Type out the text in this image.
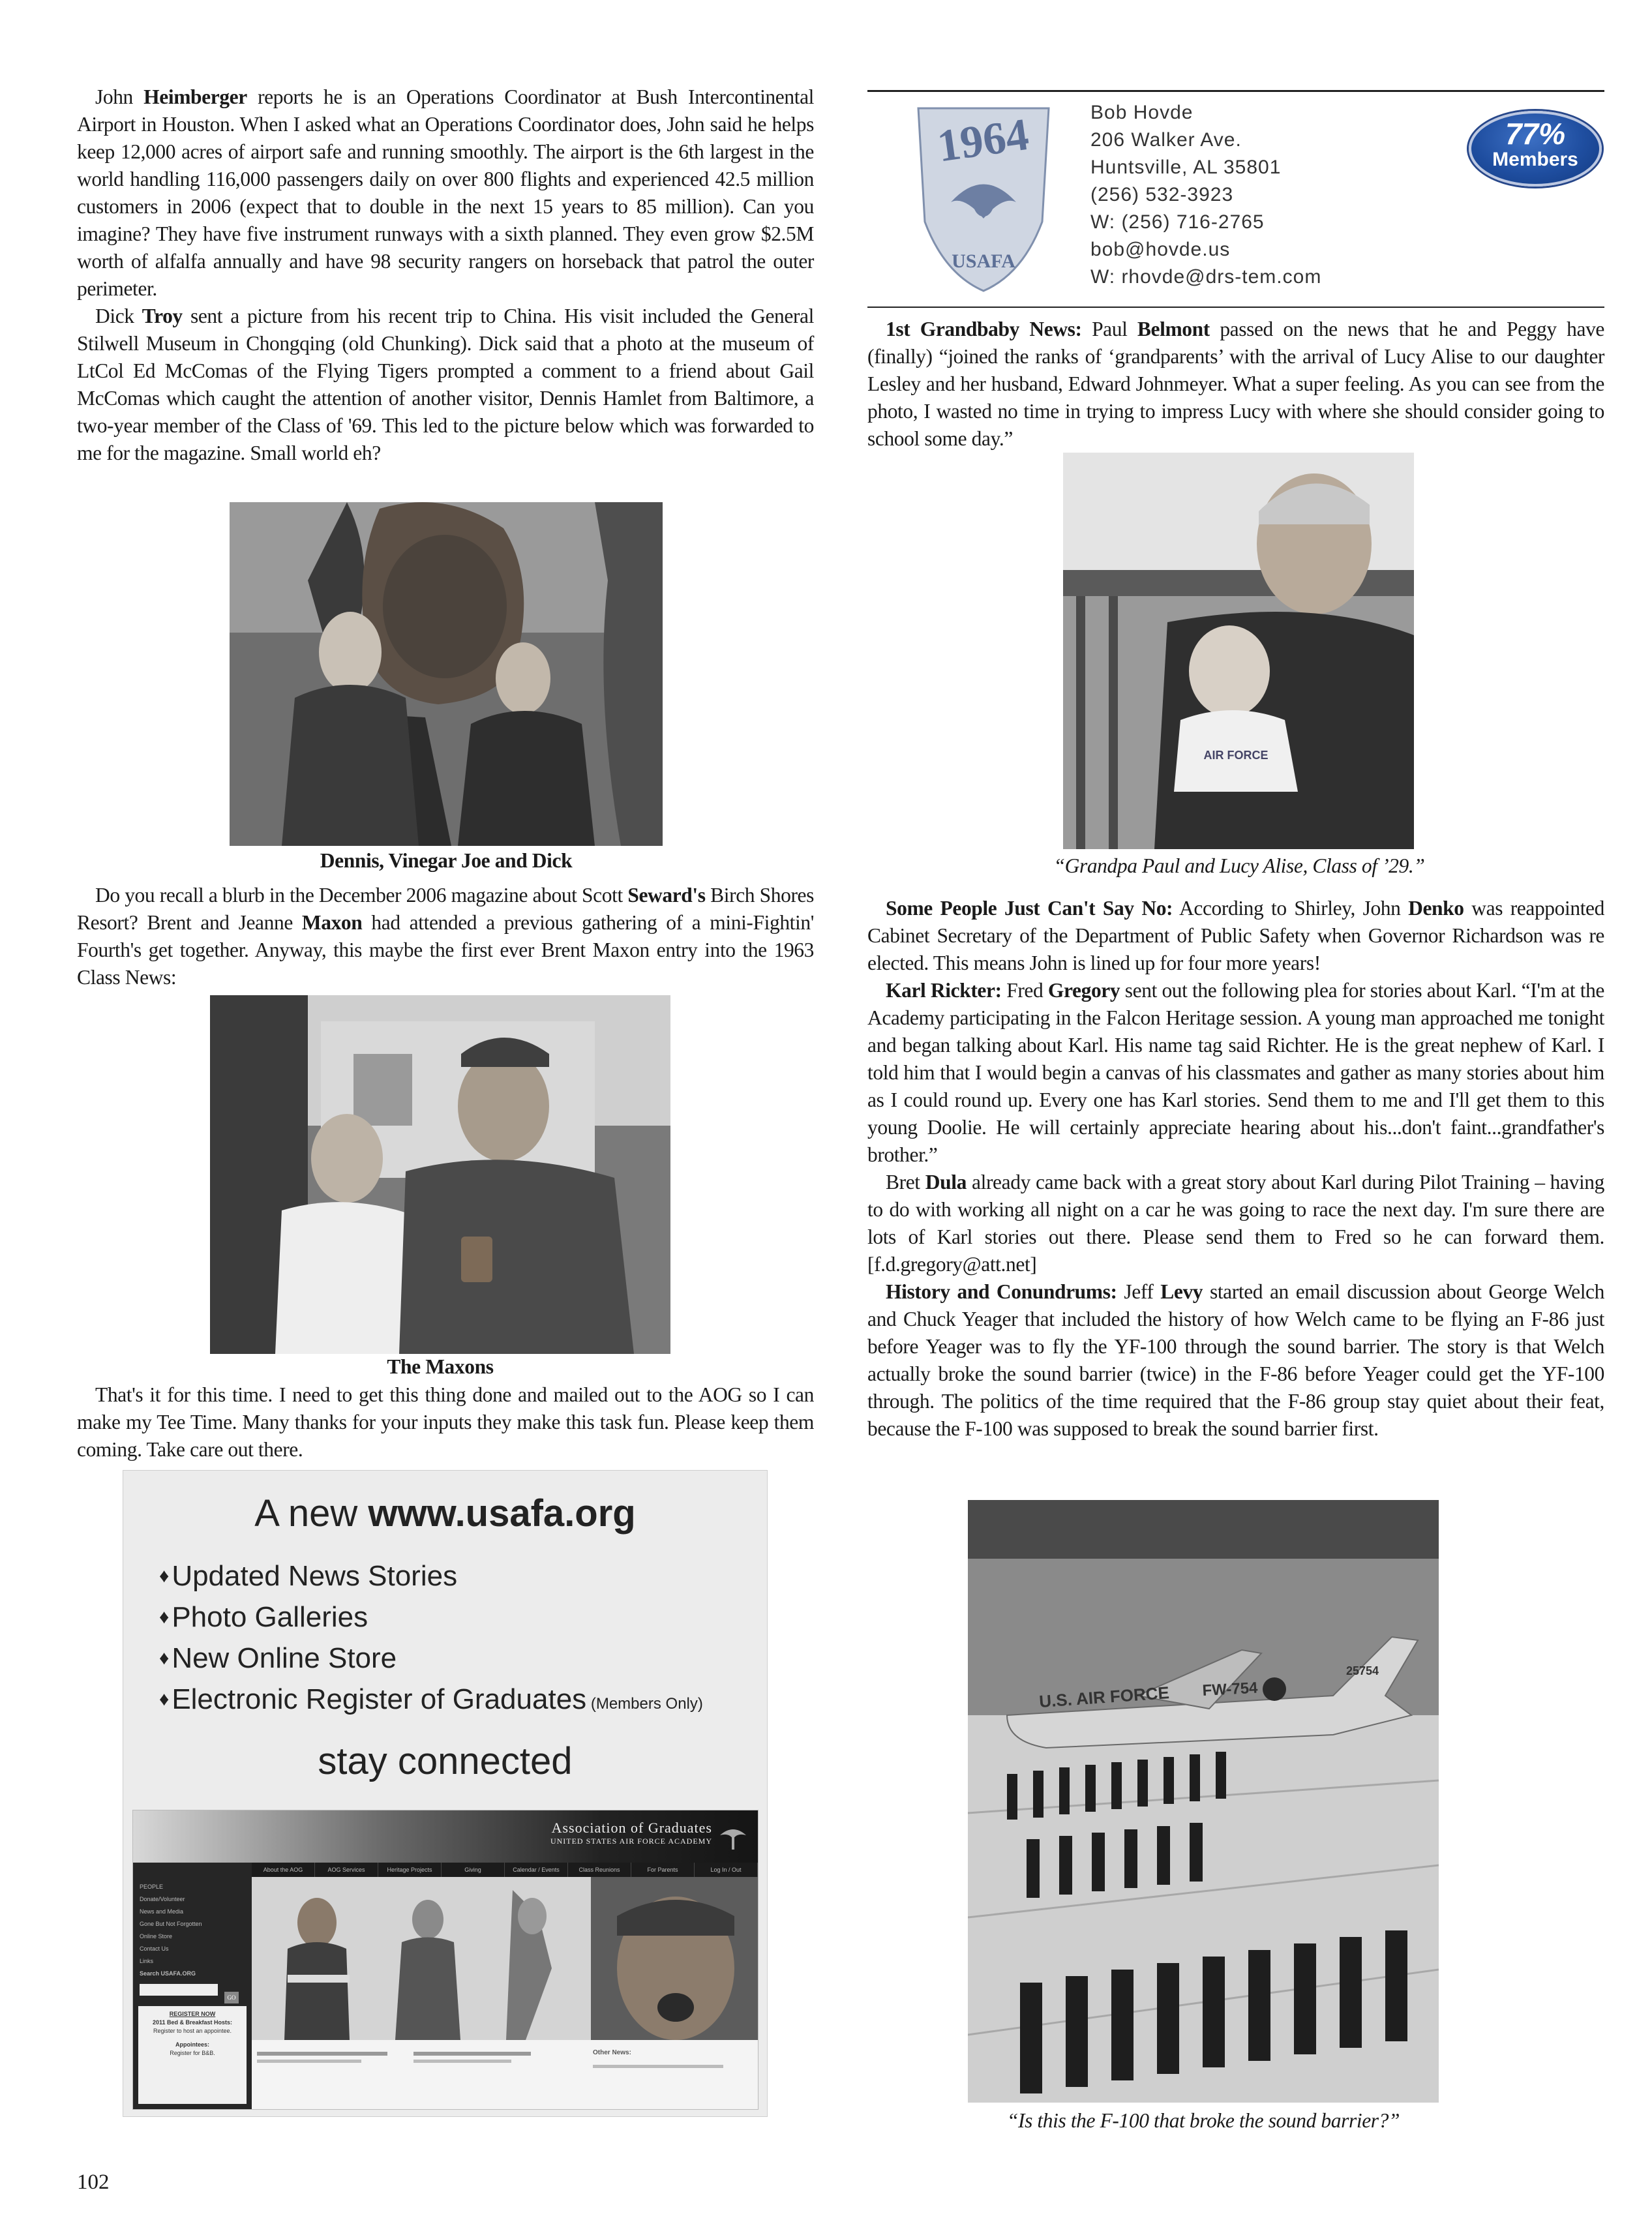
John Heimberger reports he is an Operations Coordinator at Bush Intercontinental Airport in Houston. When I asked what an Operations Coordinator does, John said he helps keep 12,000 acres of airport safe and running smoothly. The airport is the 6th largest in the world handling 116,000 passengers daily on over 800 flights and experienced 42.5 million customers in 2006 (expect that to double in the next 15 years to 85 million). Can you imagine? They have five instrument runways with a sixth planned. They even grow $2.5M worth of alfalfa annually and have 98 security rangers on horseback that patrol the outer perimeter.

Dick Troy sent a picture from his recent trip to China. His visit included the General Stilwell Museum in Chongqing (old Chunking). Dick said that a photo at the museum of LtCol Ed McComas of the Flying Tigers prompted a comment to a friend about Gail McComas which caught the attention of another visitor, Dennis Hamlet from Baltimore, a two-year member of the Class of '69. This led to the picture below which was forwarded to me for the magazine. Small world eh?

Dennis, Vinegar Joe and Dick

Do you recall a blurb in the December 2006 magazine about Scott Seward's Birch Shores Resort? Brent and Jeanne Maxon had attended a previous gathering of a mini-Fightin' Fourth's get together. Anyway, this maybe the first ever Brent Maxon entry into the 1963 Class News:

The Maxons

That's it for this time. I need to get this thing done and mailed out to the AOG so I can make my Tee Time. Many thanks for your inputs they make this task fun. Please keep them coming. Take care out there.

A new www.usafa.org
♦Updated News Stories
♦Photo Galleries
♦New Online Store
♦Electronic Register of Graduates (Members Only)
stay connected
Association of Graduates
UNITED STATES AIR FORCE ACADEMY
About the AOG	AOG Services	Heritage Projects	Giving	Calendar / Events	Class Reunions	For Parents	Log In / Out
PEOPLE
Donate/Volunteer
News and Media
Gone But Not Forgotten
Online Store
Contact Us
Links
Search USAFA.ORG
GO
REGISTER NOW
2011 Bed & Breakfast Hosts:
Register to host an appointee.
Appointees:
Register for B&B.	Other News:
1964
USAFA
Bob Hovde
206 Walker Ave.
Huntsville, AL 35801
(256) 532-3923
W: (256) 716-2765
bob@hovde.us
W: rhovde@drs-tem.com
77%
Members

1st Grandbaby News: Paul Belmont passed on the news that he and Peggy have (finally) “joined the ranks of ‘grandparents’ with the arrival of Lucy Alise to our daughter Lesley and her husband, Edward Johnmeyer. What a super feeling. As you can see from the photo, I wasted no time in trying to impress Lucy with where she should consider going to school some day.”

AIR FORCE
“Grandpa Paul and Lucy Alise, Class of ’29.”

Some People Just Can't Say No: According to Shirley, John Denko was reappointed Cabinet Secretary of the Department of Public Safety when Governor Richardson was re elected. This means John is lined up for four more years!

Karl Rickter: Fred Gregory sent out the following plea for stories about Karl. “I'm at the Academy participating in the Falcon Heritage session. A young man approached me tonight and began talking about Karl. His name tag said Richter. He is the great nephew of Karl. I told him that I would begin a canvas of his classmates and gather as many stories about him as I could round up. Every one has Karl stories. Send them to me and I'll get them to this young Doolie. He will certainly appreciate hearing about his...don't faint...grandfather's brother.”

Bret Dula already came back with a great story about Karl during Pilot Training – having to do with working all night on a car he was going to race the next day. I'm sure there are lots of Karl stories out there. Please send them to Fred so he can forward them. [f.d.gregory@att.net]

History and Conundrums: Jeff Levy started an email discussion about George Welch and Chuck Yeager that included the history of how Welch came to be flying an F-86 just before Yeager was to fly the YF-100 through the sound barrier. The story is that Welch actually broke the sound barrier (twice) in the F-86 before Yeager could get the YF-100 through. The politics of the time required that the F-86 group stay quiet about their feat, because the F-100 was supposed to break the sound barrier first.

U.S. AIR FORCE FW-754
25754
“Is this the F-100 that broke the sound barrier?”
102
